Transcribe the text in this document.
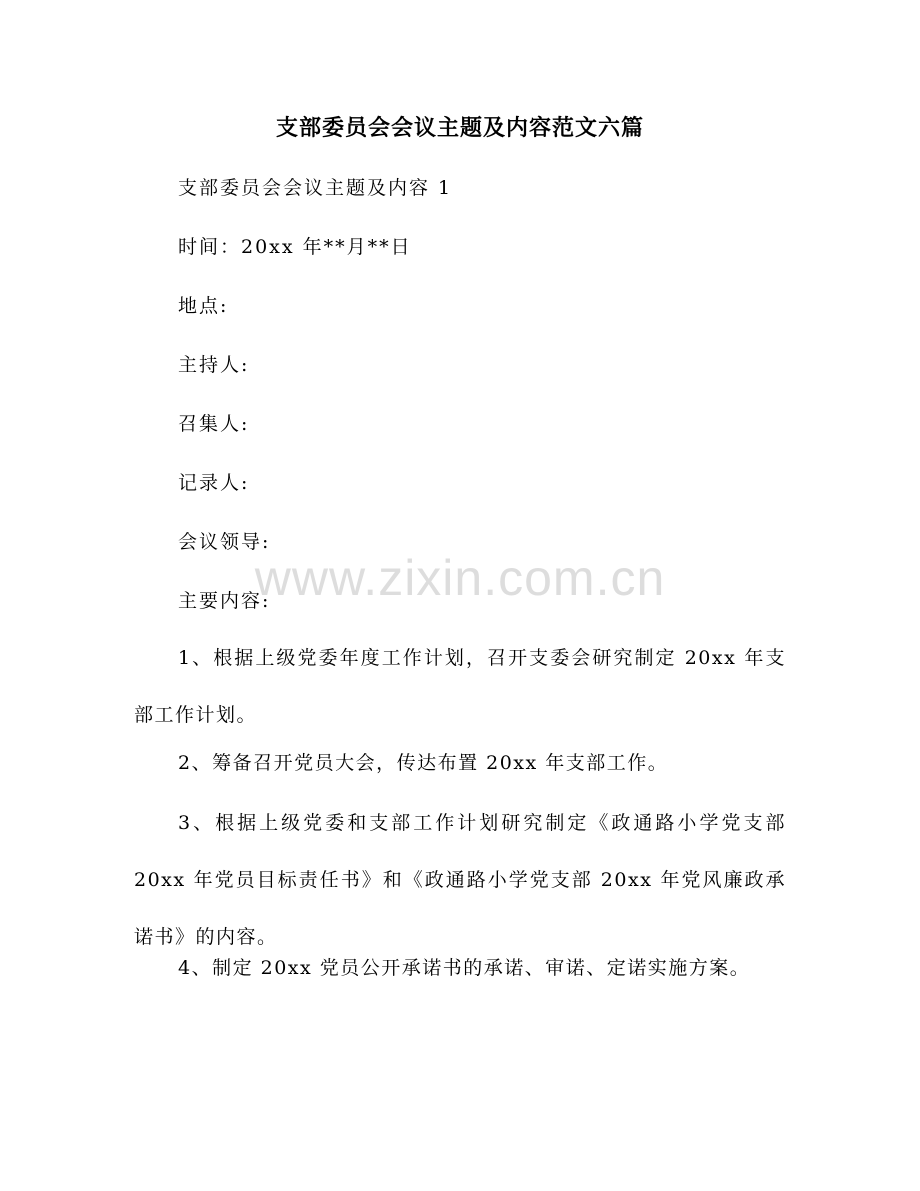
支部委员会会议主题及内容范文六篇
支部委员会会议主题及内容 1
时间：20xx 年**月**日
地点:
主持人:
召集人:
记录人:
会议领导:
主要内容:
1、根据上级党委年度工作计划，召开支委会研究制定 20xx 年支部工作计划。
2、筹备召开党员大会，传达布置 20xx 年支部工作。
3、根据上级党委和支部工作计划研究制定《政通路小学党支部 20xx 年党员目标责任书》和《政通路小学党支部 20xx 年党风廉政承诺书》的内容。
4、制定 20xx 党员公开承诺书的承诺、审诺、定诺实施方案。
www.zixin.com.cn
